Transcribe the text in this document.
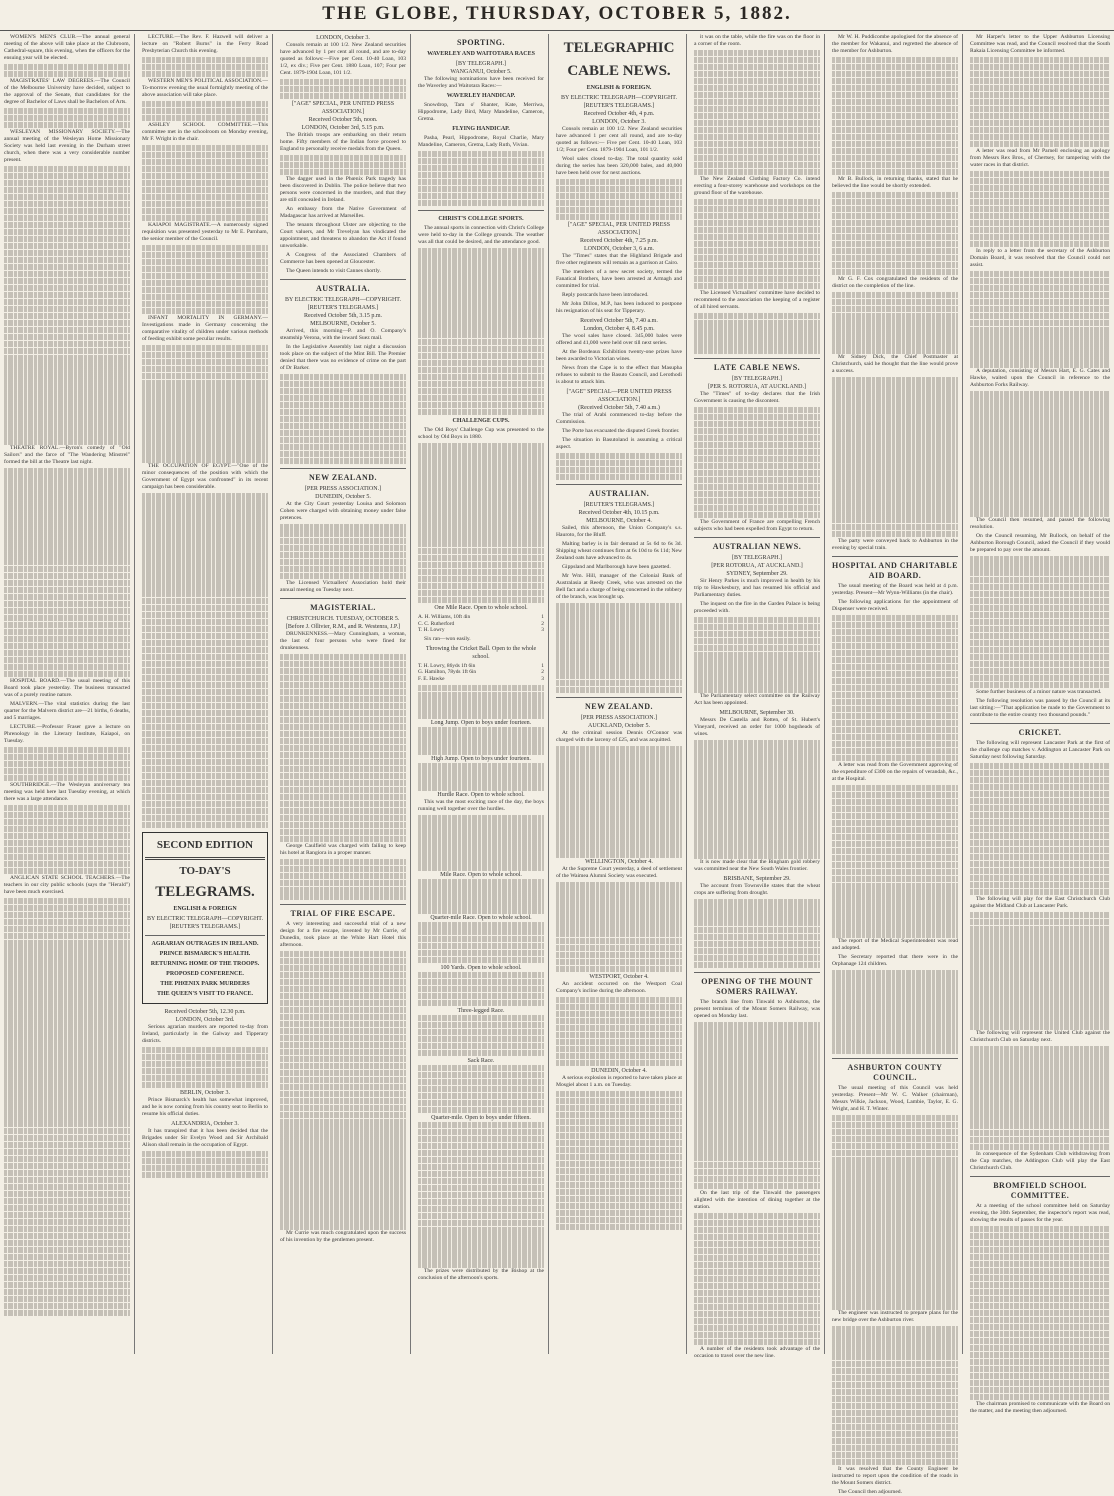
THE GLOBE, THURSDAY, OCTOBER 5, 1882.

WOMEN'S MEN'S CLUB.—The annual general meeting of the above will take place at the Clubroom, Cathedral-square, this evening, when the officers for the ensuing year will be elected.

MAGISTRATES' LAW DEGREES.—The Council of the Melbourne University have decided, subject to the approval of the Senate, that candidates for the degree of Bachelor of Laws shall be Bachelors of Arts.

WESLEYAN MISSIONARY SOCIETY.—The annual meeting of the Wesleyan Home Missionary Society was held last evening in the Durham street church, when there was a very considerable number present.

THEATRE ROYAL.—Byron's comedy of "Old Sailors" and the farce of "The Wandering Minstrel" formed the bill at the Theatre last night.

HOSPITAL BOARD.—The usual meeting of this Board took place yesterday. The business transacted was of a purely routine nature.

MALVERN.—The vital statistics during the last quarter for the Malvern district are—21 births, 6 deaths, and 5 marriages.

LECTURE.—Professor Fraser gave a lecture on Phrenology in the Literary Institute, Kaiapoi, on Tuesday.

SOUTHBRIDGE.—The Wesleyan anniversary tea meeting was held here last Tuesday evening, at which there was a large attendance.

ANGLICAN STATE SCHOOL TEACHERS.—The teachers in our city public schools (says the "Herald") have been much exercised.

LECTURE.—The Rev. F. Hazwell will deliver a lecture on "Robert Burns" in the Ferry Road Presbyterian Church this evening.

WESTERN MEN'S POLITICAL ASSOCIATION.—To-morrow evening the usual fortnightly meeting of the above association will take place.

ASHLEY SCHOOL COMMITTEE.—This committee met in the schoolroom on Monday evening, Mr F. Wright in the chair.

KAIAPOI MAGISTRATE.—A numerously signed requisition was presented yesterday to Mr E. Parnham, the senior member of the Council.

INFANT MORTALITY IN GERMANY.—Investigations made in Germany concerning the comparative vitality of children under various methods of feeding exhibit some peculiar results.

THE OCCUPATION OF EGYPT.—"One of the minor consequences of the position with which the Government of Egypt was confronted" in its recent campaign has been considerable.

SECOND EDITION
TO-DAY'S
TELEGRAMS.
ENGLISH & FOREIGN
BY ELECTRIC TELEGRAPH—COPYRIGHT.
[REUTER'S TELEGRAMS.]
AGRARIAN OUTRAGES IN IRELAND.
PRINCE BISMARCK'S HEALTH.
RETURNING HOME OF THE TROOPS.
PROPOSED CONFERENCE.
THE PHŒNIX PARK MURDERS
THE QUEEN'S VISIT TO FRANCE.
Received October 5th, 12.30 p.m.
LONDON, October 3rd.

Serious agrarian murders are reported to-day from Ireland, particularly in the Galway and Tipperary districts.

BERLIN, October 3.

Prince Bismarck's health has somewhat improved, and he is now coming from his country seat to Berlin to resume his official duties.

ALEXANDRIA, October 3.

It has transpired that it has been decided that the Brigades under Sir Evelyn Wood and Sir Archibald Alison shall remain in the occupation of Egypt.

LONDON, October 3.

Consols remain at 100 1/2. New Zealand securities have advanced by 1 per cent all round, and are to-day quoted as follows:—Five per Cent. 10-40 Loan, 103 1/2, ex div.; Five per Cent. 1880 Loan, 107; Four per Cent. 1879-1904 Loan, 101 1/2.

["AGE" SPECIAL, PER UNITED PRESS ASSOCIATION.]
Received October 5th, noon.
LONDON, October 3rd, 5.15 p.m.

The British troops are embarking on their return home. Fifty members of the Indian force proceed to England to personally receive medals from the Queen.

The dagger used in the Phœnix Park tragedy has been discovered in Dublin. The police believe that two persons were concerned in the murders, and that they are still concealed in Ireland.

An embassy from the Native Government of Madagascar has arrived at Marseilles.

The tenants throughout Ulster are objecting to the Court valuers, and Mr Trevelyan has vindicated the appointment, and threatens to abandon the Act if found unworkable.

A Congress of the Associated Chambers of Commerce has been opened at Gloucester.

The Queen intends to visit Cannes shortly.

AUSTRALIA.
BY ELECTRIC TELEGRAPH—COPYRIGHT.
[REUTER'S TELEGRAMS.]
Received October 5th, 3.15 p.m.
MELBOURNE, October 5.

Arrived, this morning—P. and O. Company's steamship Verona, with the inward Suez mail.

In the Legislative Assembly last night a discussion took place on the subject of the Mint Bill. The Premier denied that there was no evidence of crime on the part of Dr Barker.

NEW ZEALAND.
[PER PRESS ASSOCIATION.]
DUNEDIN, October 5.

At the City Court yesterday Louisa and Solomon Cohen were charged with obtaining money under false pretences.

The Licensed Victuallers' Association hold their annual meeting on Tuesday next.

MAGISTERIAL.
CHRISTCHURCH. TUESDAY, OCTOBER 5.
[Before J. Ollivier, R.M., and R. Westenra, J.P.]

DRUNKENNESS.—Mary Cunningham, a woman, the last of four persons who were fined for drunkenness.

George Caulfield was charged with failing to keep his hotel at Rangiora in a proper manner.

TRIAL OF FIRE ESCAPE.

A very interesting and successful trial of a new design for a fire escape, invented by Mr Currie, of Dunedin, took place at the White Hart Hotel this afternoon.

Mr Currie was much congratulated upon the success of his invention by the gentlemen present.

SPORTING.
WAVERLEY AND WAITOTARA RACES
[BY TELEGRAPH.]
WANGANUI, October 5.

The following nominations have been received for the Waverley and Waitotara Races:—

WAVERLEY HANDICAP.

Snowdrop, Tam o' Shanter, Kate, Merriwa, Hippodrome, Lady Bird, Mary Mandeline, Cameron, Gretna.

FLYING HANDICAP.

Pasha, Pearl, Hippodrome, Royal Charlie, Mary Mandeline, Cameron, Gretna, Lady Ruth, Vivian.

CHRIST'S COLLEGE SPORTS.

The annual sports in connection with Christ's College were held to-day in the College grounds. The weather was all that could be desired, and the attendance good.

CHALLENGE CUPS.

The Old Boys' Challenge Cup was presented to the school by Old Boys in 1880.

One Mile Race. Open to whole school.
A. H. Williams, 10ft 4in	1
C. C. Rutherford	2
T. H. Lowry	3

Six ran—won easily.

Throwing the Cricket Ball. Open to the whole school.
T. H. Lowry, 86yds 1ft 6in	1
G. Hamilton, 78yds 1ft 6in	2
F. E. Hawke	3
Long Jump. Open to boys under fourteen.
High Jump. Open to boys under fourteen.
Hurdle Race. Open to whole school.

This was the most exciting race of the day, the boys running well together over the hurdles.

Mile Race. Open to whole school.
Quarter-mile Race. Open to whole school.
100 Yards. Open to whole school.
Three-legged Race.
Sack Race.
Quarter-mile. Open to boys under fifteen.

The prizes were distributed by the Bishop at the conclusion of the afternoon's sports.

TELEGRAPHIC
CABLE NEWS.
ENGLISH & FOREIGN.
BY ELECTRIC TELEGRAPH—COPYRIGHT.
[REUTER'S TELEGRAMS.]
Received October 4th, 4 p.m.
LONDON, October 3.

Consols remain at 100 1/2. New Zealand securities have advanced 1 per cent all round, and are to-day quoted as follows:— Five per Cent. 10-40 Loan, 103 1/2; Four per Cent. 1879-1904 Loan, 101 1/2.

Wool sales closed to-day. The total quantity sold during the series has been 320,000 bales, and 40,000 have been held over for next auctions.

["AGE" SPECIAL, PER UNITED PRESS ASSOCIATION.]
Received October 4th, 7.25 p.m.
LONDON, October 3, 6 a.m.

The "Times" states that the Highland Brigade and five other regiments will remain as a garrison at Cairo.

The members of a new secret society, termed the Fanatical Brothers, have been arrested at Armagh and committed for trial.

Reply postcards have been introduced.

Mr John Dillon, M.P., has been induced to postpone his resignation of his seat for Tipperary.

Received October 5th, 7.40 a.m.
London, October 4, 8.45 p.m.

The wool sales have closed. 345,000 bales were offered and 41,000 were held over till next series.

At the Bordeaux Exhibition twenty-one prizes have been awarded to Victorian wines.

News from the Cape is to the effect that Masupha refuses to submit to the Basuto Council, and Lerothodi is about to attack him.

["AGE" SPECIAL—PER UNITED PRESS ASSOCIATION.]
(Received October 5th, 7.40 a.m.)

The trial of Arabi commenced to-day before the Commission.

The Porte has evacuated the disputed Greek frontier.

The situation in Basutoland is assuming a critical aspect.

AUSTRALIAN.
[REUTER'S TELEGRAMS.]
Received October 4th, 10.15 p.m.
MELBOURNE, October 4.

Sailed, this afternoon, the Union Company's s.s. Hauroto, for the Bluff.

Malting barley is in fair demand at 5s 6d to 6s 3d. Shipping wheat continues firm at 6s 10d to 6s 11d; New Zealand oats have advanced to 4s.

Gippsland and Marlborough have been gazetted.

Mr Wm. Hill, manager of the Colonial Bank of Australasia at Reedy Creek, who was arrested on the Bell fact and a charge of being concerned in the robbery of the branch, was brought up.

NEW ZEALAND.
[PER PRESS ASSOCIATION.]
AUCKLAND, October 5.

At the criminal session Dennis O'Connor was charged with the larceny of £25, and was acquitted.

WELLINGTON, October 4.

At the Supreme Court yesterday, a deed of settlement of the Waimea Alumni Society was executed.

WESTPORT, October 4.

An accident occurred on the Westport Coal Company's incline during the afternoon.

DUNEDIN, October 4.

A serious explosion is reported to have taken place at Mosgiel about 1 a.m. on Tuesday.

it was on the table, while the fire was on the floor in a corner of the room.

The New Zealand Clothing Factory Co. intend erecting a four-storey warehouse and workshops on the ground floor of the warehouse.

The Licensed Victuallers' committee have decided to recommend to the association the keeping of a register of all hired servants.

LATE CABLE NEWS.
[BY TELEGRAPH.]
[PER S. ROTORUA, AT AUCKLAND.]

The "Times" of to-day declares that the Irish Government is causing the discontent.

The Government of France are compelling French subjects who had been expelled from Egypt to return.

AUSTRALIAN NEWS.
[BY TELEGRAPH.]
[PER ROTORUA, AT AUCKLAND.]
SYDNEY, September 29.

Sir Henry Parkes is much improved in health by his trip to Hawkesbury, and has resumed his official and Parliamentary duties.

The inquest on the fire in the Garden Palace is being proceeded with.

The Parliamentary select committee on the Railway Act has been appointed.

MELBOURNE, September 30.

Messrs De Castella and Rotten, of St. Hubert's Vineyard, received an order for 1000 hogsheads of wines.

It is now made clear that the Bingham gold robbery was committed near the New South Wales frontier.

BRISBANE, September 29.

The account from Townsville states that the wheat crops are suffering from drought.

OPENING OF THE MOUNT SOMERS RAILWAY.

The branch line from Tinwald to Ashburton, the present terminus of the Mount Somers Railway, was opened on Monday last.

On the last trip of the Tinwald the passengers alighted with the intention of dining together at the station.

A number of the residents took advantage of the occasion to travel over the new line.

Mr W. H. Puddicombe apologised for the absence of the member for Wakanui, and regretted the absence of the member for Ashburton.

Mr B. Bullock, in returning thanks, stated that he believed the line would be shortly extended.

Mr G. F. Cox congratulated the residents of the district on the completion of the line.

Mr Sidney Dick, the Chief Postmaster at Christchurch, said he thought that the line would prove a success.

The party were conveyed back to Ashburton in the evening by special train.

HOSPITAL AND CHARITABLE AID BOARD.

The usual meeting of the Board was held at 4 p.m. yesterday. Present—Mr Wynn-Williams (in the chair).

The following applications for the appointment of Dispenser were received.

A letter was read from the Government approving of the expenditure of £300 on the repairs of verandah, &c., at the Hospital.

The report of the Medical Superintendent was read and adopted.

The Secretary reported that there were in the Orphanage 124 children.

ASHBURTON COUNTY COUNCIL.

The usual meeting of this Council was held yesterday. Present—Mr W. C. Walker (chairman), Messrs Wilkie, Jackson, Wood, Lambie, Taylor, E. G. Wright, and H. T. Winter.

The engineer was instructed to prepare plans for the new bridge over the Ashburton river.

It was resolved that the County Engineer be instructed to report upon the condition of the roads in the Mount Somers district.

The Council then adjourned.

Mr Harper's letter to the Upper Ashburton Licensing Committee was read, and the Council resolved that the South Rakaia Licensing Committee be informed.

A letter was read from Mr Parnell enclosing an apology from Messrs Rex Bros., of Chertsey, for tampering with the water races in that district.

In reply to a letter from the secretary of the Ashburton Domain Board, it was resolved that the Council could not assist.

A deputation, consisting of Messrs Hart, E. G. Cates and Hawke, waited upon the Council in reference to the Ashburton Forks Railway.

The Council then resumed, and passed the following resolution.

On the Council resuming, Mr Bullock, on behalf of the Ashburton Borough Council, asked the Council if they would be prepared to pay over the amount.

Some further business of a minor nature was transacted.

The following resolution was passed by the Council at its last sitting:—"That application be made to the Government to contribute to the entire county two thousand pounds."

CRICKET.

The following will represent Lancaster Park at the first of the challenge cup matches v. Addington at Lancaster Park on Saturday next following Saturday.

The following will play for the East Christchurch Club against the Midland Club at Lancaster Park.

The following will represent the United Club against the Christchurch Club on Saturday next.

In consequence of the Sydenham Club withdrawing from the Cup matches, the Addington Club will play the East Christchurch Club.

BROMFIELD SCHOOL COMMITTEE.

At a meeting of the school committee held on Saturday evening, the 30th September, the inspector's report was read, showing the results of passes for the year.

The chairman promised to communicate with the Board on the matter, and the meeting then adjourned.
